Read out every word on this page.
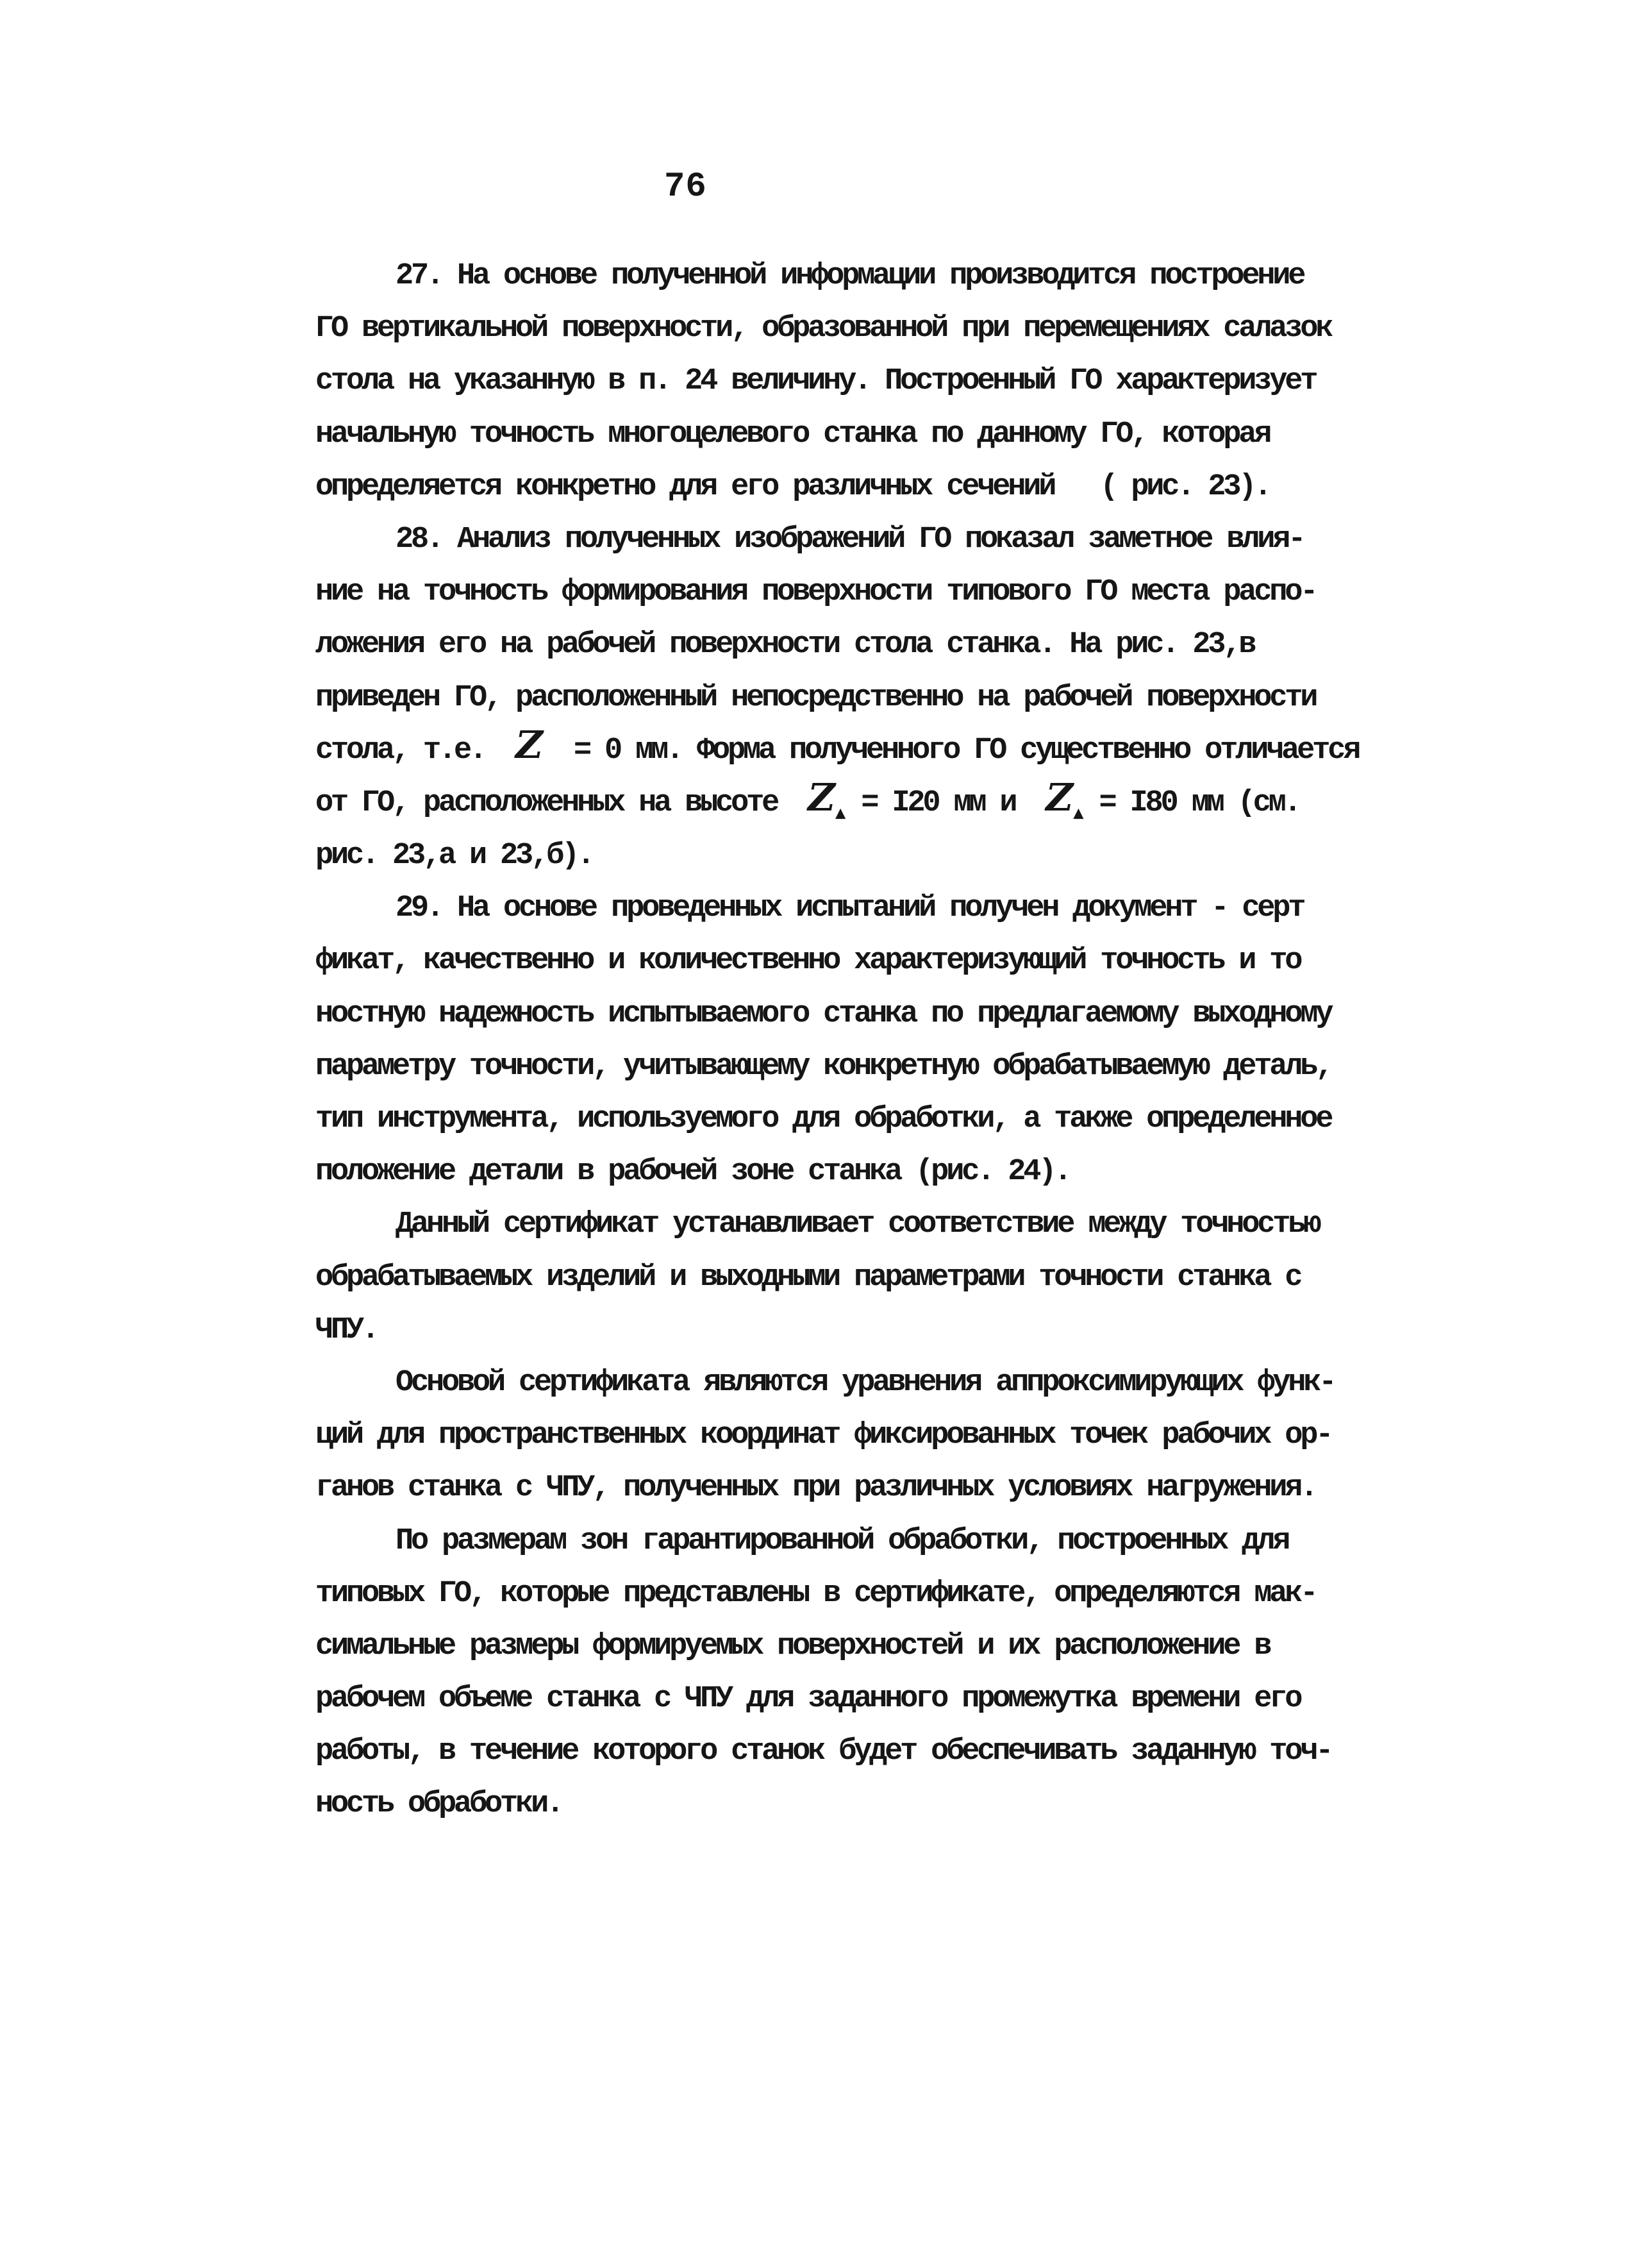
76
27. На основе полученной информации производится построение
ГО вертикальной поверхности, образованной при перемещениях салазок
стола на указанную в п. 24 величину. Построенный ГО характеризует
начальную точность многоцелевого станка по данному ГО, которая
определяется конкретно для его различных сечений   ( рис. 23).
28. Анализ полученных изображений ГО показал заметное влия-
ние на точность формирования поверхности типового ГО места распо-
ложения его на рабочей поверхности стола станка. На рис. 23,в
приведен ГО, расположенный непосредственно на рабочей поверхности
стола, т.е.  Z  = 0 мм. Форма полученного ГО существенно отличается
от ГО, расположенных на высоте  $Z_▲ = I20$ мм и  $Z_▲ = I80$ мм (см.
рис. 23,а и 23,б).
29. На основе проведенных испытаний получен документ - серт
фикат, качественно и количественно характеризующий точность и то
ностную надежность испытываемого станка по предлагаемому выходному
параметру точности, учитывающему конкретную обрабатываемую деталь,
тип инструмента, используемого для обработки, а также определенное
положение детали в рабочей зоне станка (рис. 24).
Данный сертификат устанавливает соответствие между точностью
обрабатываемых изделий и выходными параметрами точности станка с
ЧПУ.
Основой сертификата являются уравнения аппроксимирующих функ-
ций для пространственных координат фиксированных точек рабочих ор-
ганов станка с ЧПУ, полученных при различных условиях нагружения.
По размерам зон гарантированной обработки, построенных для
типовых ГО, которые представлены в сертификате, определяются мак-
симальные размеры формируемых поверхностей и их расположение в
рабочем объеме станка с ЧПУ для заданного промежутка времени его
работы, в течение которого станок будет обеспечивать заданную точ-
ность обработки.
